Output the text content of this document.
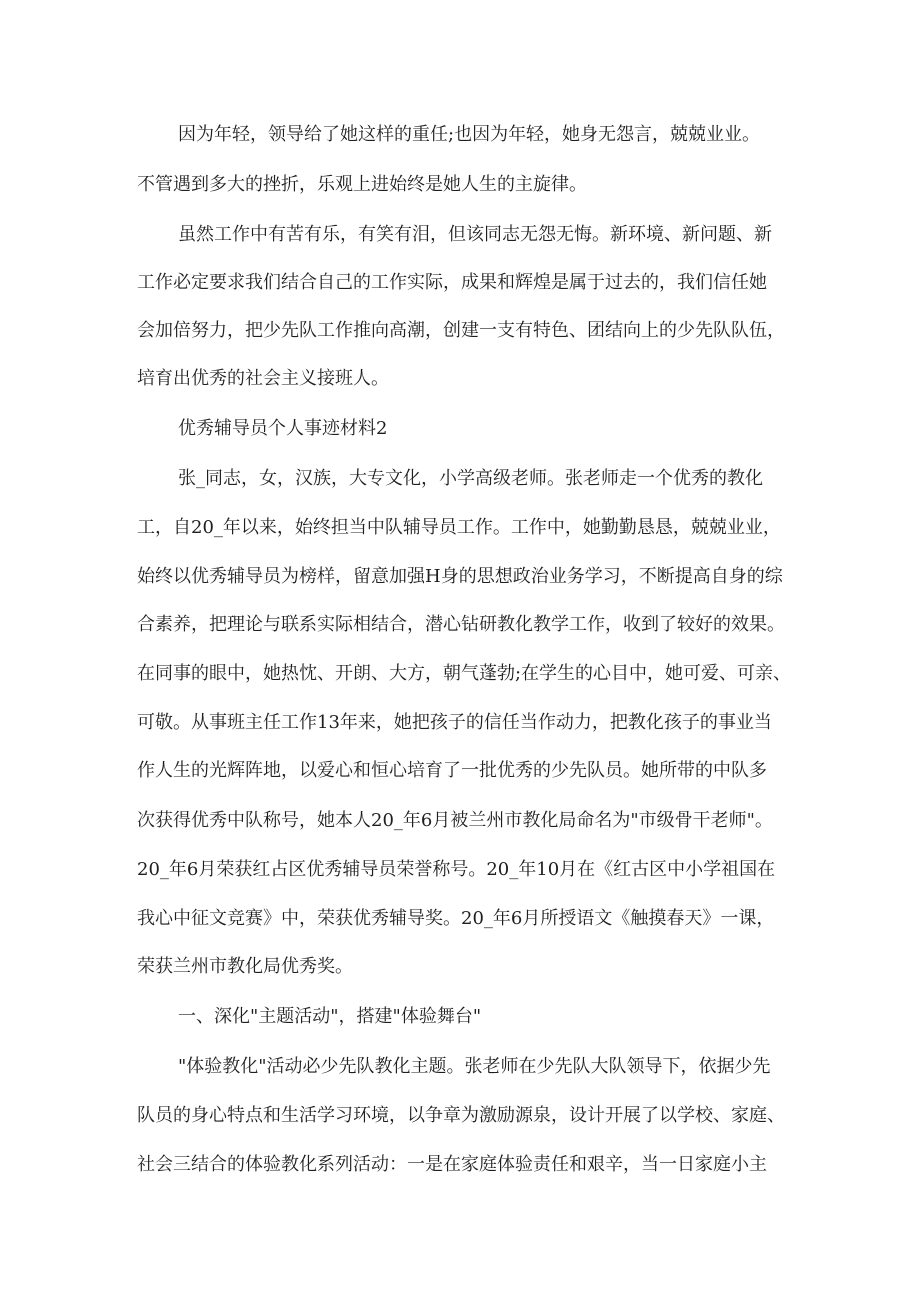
因为年轻，领导给了她这样的重任;也因为年轻，她身无怨言，兢兢业业。
不管遇到多大的挫折，乐观上进始终是她人生的主旋律。
虽然工作中有苦有乐，有笑有泪，但该同志无怨无悔。新环境、新问题、新
工作必定要求我们结合自己的工作实际，成果和辉煌是属于过去的，我们信任她
会加倍努力，把少先队工作推向高潮，创建一支有特色、团结向上的少先队队伍，
培育出优秀的社会主义接班人。
优秀辅导员个人事迹材料2
张_同志，女，汉族，大专文化，小学高级老师。张老师走一个优秀的教化
工，自20_年以来，始终担当中队辅导员工作。工作中，她勤勤恳恳，兢兢业业，
始终以优秀辅导员为榜样，留意加强H身的思想政治业务学习，不断提高自身的综
合素养，把理论与联系实际相结合，潜心钻研教化教学工作，收到了较好的效果。
在同事的眼中，她热忱、开朗、大方，朝气蓬勃;在学生的心目中，她可爱、可亲、
可敬。从事班主任工作13年来，她把孩子的信任当作动力，把教化孩子的事业当
作人生的光辉阵地，以爱心和恒心培育了一批优秀的少先队员。她所带的中队多
次获得优秀中队称号，她本人20_年6月被兰州市教化局命名为"市级骨干老师"。
20_年6月荣获红占区优秀辅导员荣誉称号。20_年10月在《红古区中小学祖国在
我心中征文竞赛》中，荣获优秀辅导奖。20_年6月所授语文《触摸春天》一课，
荣获兰州市教化局优秀奖。
一、深化"主题活动"，搭建"体验舞台"
"体验教化"活动必少先队教化主题。张老师在少先队大队领导下，依据少先
队员的身心特点和生活学习环境，以争章为激励源泉，设计开展了以学校、家庭、
社会三结合的体验教化系列活动：一是在家庭体验责任和艰辛，当一日家庭小主
